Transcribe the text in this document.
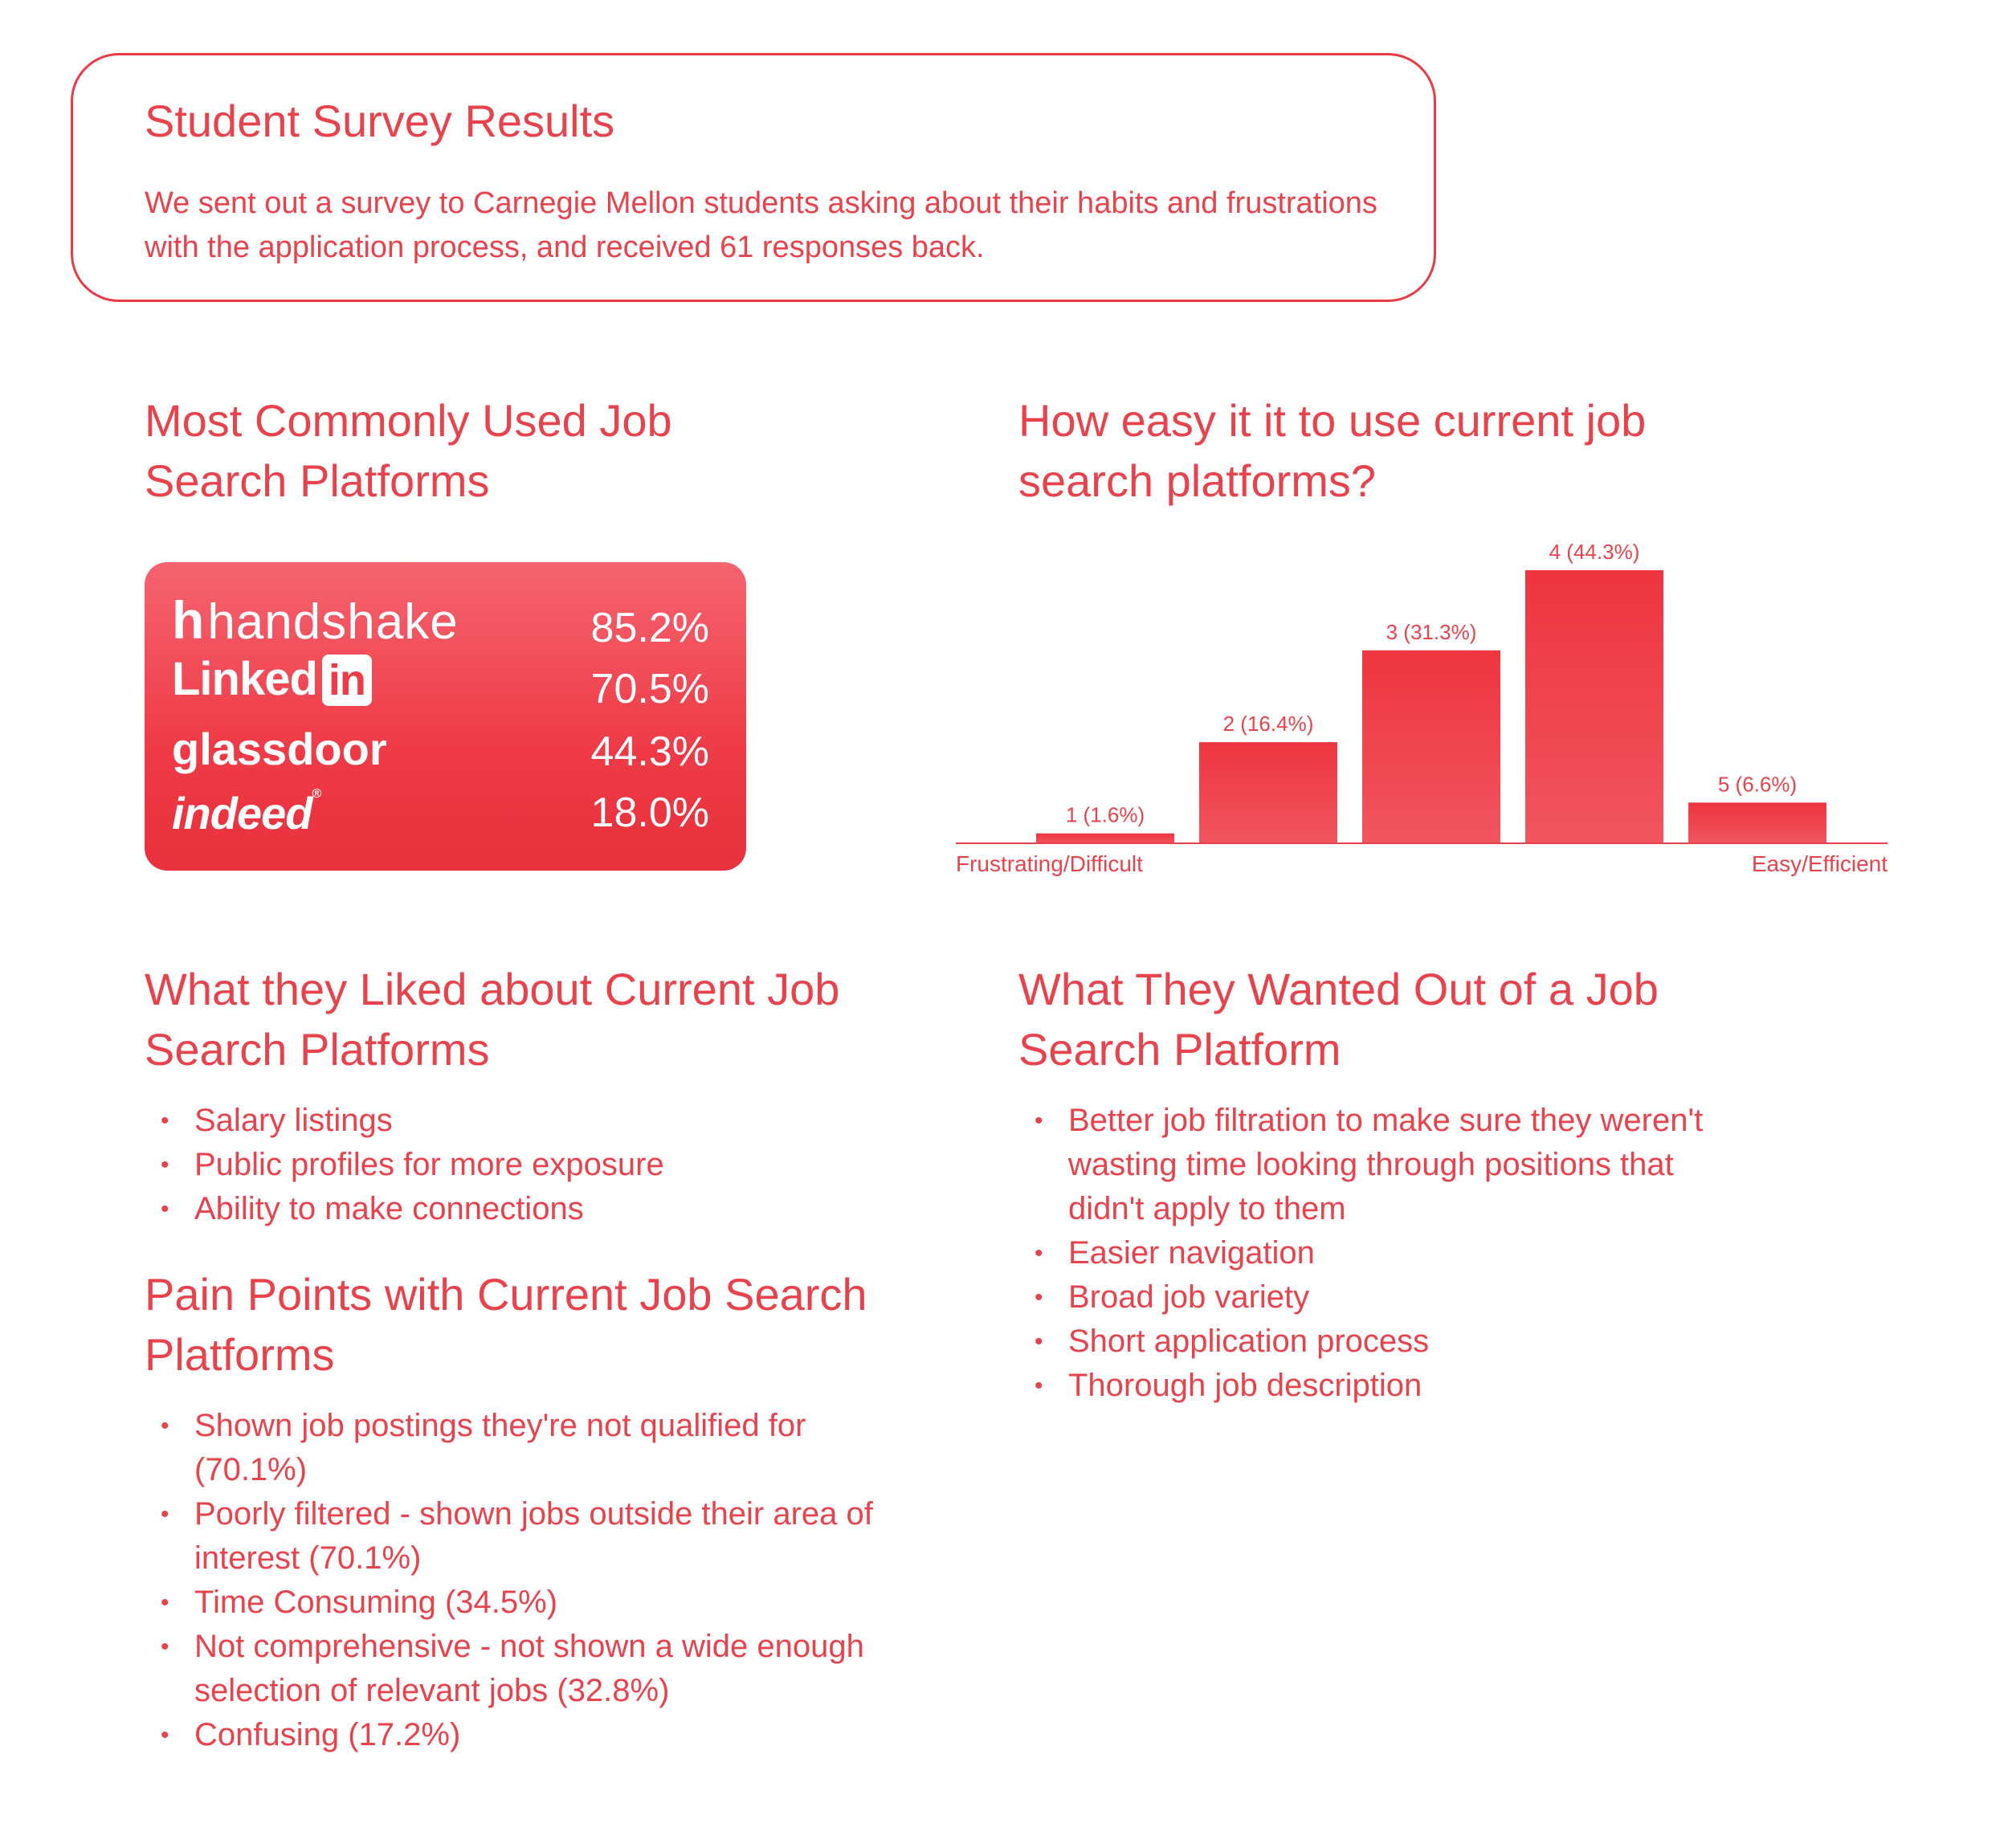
Student Survey Results
We sent out a survey to Carnegie Mellon students asking about their habits and frustrations with the application process, and received 61 responses back.
Most Commonly Used Job
Search Platforms
h handshake	85.2%
Linked in	70.5%
glassdoor	44.3%
indeed®	18.0%
How easy it it to use current job
search platforms?
1 (1.6%)
2 (16.4%)
3 (31.3%)
4 (44.3%)
5 (6.6%)
Frustrating/Difficult	Easy/Efficient
What they Liked about Current Job
Search Platforms
• Salary listings
• Public profiles for more exposure
• Ability to make connections
Pain Points with Current Job Search
Platforms
• Shown job postings they're not qualified for (70.1%)
• Poorly filtered - shown jobs outside their area of interest (70.1%)
• Time Consuming (34.5%)
• Not comprehensive - not shown a wide enough selection of relevant jobs (32.8%)
• Confusing (17.2%)
What They Wanted Out of a Job
Search Platform
• Better job filtration to make sure they weren't wasting time looking through positions that didn't apply to them
• Easier navigation
• Broad job variety
• Short application process
• Thorough job description
